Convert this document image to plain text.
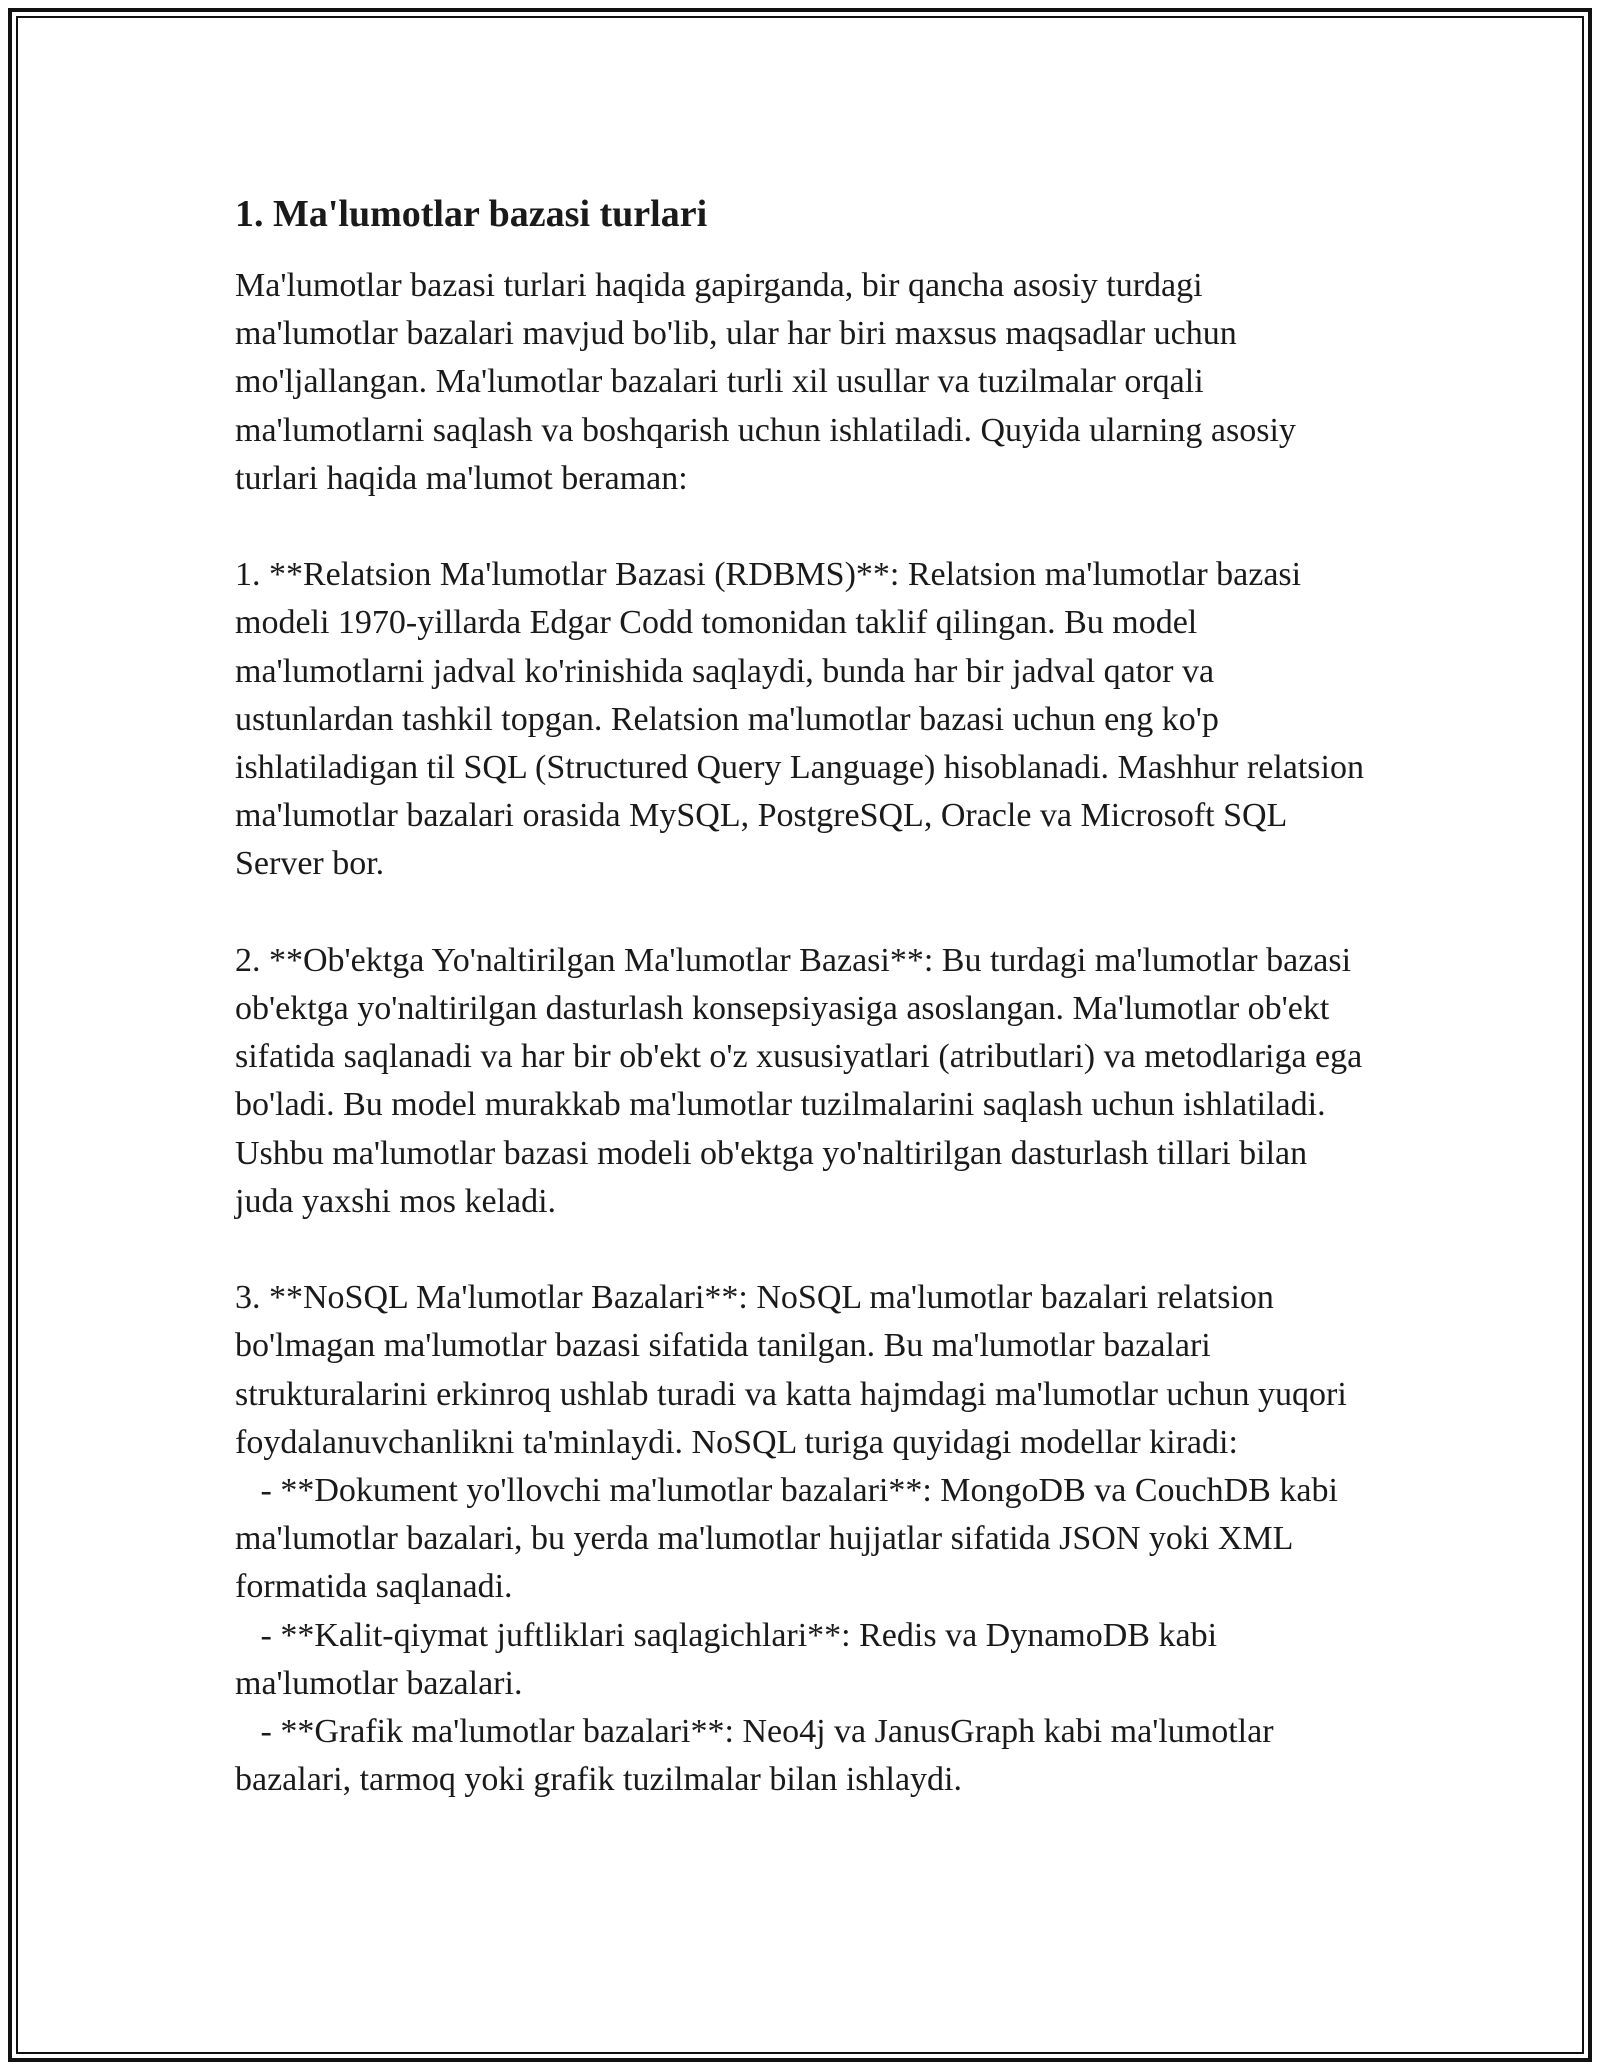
1. Ma'lumotlar bazasi turlari

Ma'lumotlar bazasi turlari haqida gapirganda, bir qancha asosiy turdagi ma'lumotlar bazalari mavjud bo'lib, ular har biri maxsus maqsadlar uchun mo'ljallangan. Ma'lumotlar bazalari turli xil usullar va tuzilmalar orqali ma'lumotlarni saqlash va boshqarish uchun ishlatiladi. Quyida ularning asosiy turlari haqida ma'lumot beraman:

1. **Relatsion Ma'lumotlar Bazasi (RDBMS)**: Relatsion ma'lumotlar bazasi modeli 1970-yillarda Edgar Codd tomonidan taklif qilingan. Bu model ma'lumotlarni jadval ko'rinishida saqlaydi, bunda har bir jadval qator va ustunlardan tashkil topgan. Relatsion ma'lumotlar bazasi uchun eng ko'p ishlatiladigan til SQL (Structured Query Language) hisoblanadi. Mashhur relatsion ma'lumotlar bazalari orasida MySQL, PostgreSQL, Oracle va Microsoft SQL Server bor.

2. **Ob'ektga Yo'naltirilgan Ma'lumotlar Bazasi**: Bu turdagi ma'lumotlar bazasi ob'ektga yo'naltirilgan dasturlash konsepsiyasiga asoslangan. Ma'lumotlar ob'ekt sifatida saqlanadi va har bir ob'ekt o'z xususiyatlari (atributlari) va metodlariga ega bo'ladi. Bu model murakkab ma'lumotlar tuzilmalarini saqlash uchun ishlatiladi. Ushbu ma'lumotlar bazasi modeli ob'ektga yo'naltirilgan dasturlash tillari bilan juda yaxshi mos keladi.

3. **NoSQL Ma'lumotlar Bazalari**: NoSQL ma'lumotlar bazalari relatsion bo'lmagan ma'lumotlar bazasi sifatida tanilgan. Bu ma'lumotlar bazalari strukturalarini erkinroq ushlab turadi va katta hajmdagi ma'lumotlar uchun yuqori foydalanuvchanlikni ta'minlaydi. NoSQL turiga quyidagi modellar kiradi:
- **Dokument yo'llovchi ma'lumotlar bazalari**: MongoDB va CouchDB kabi ma'lumotlar bazalari, bu yerda ma'lumotlar hujjatlar sifatida JSON yoki XML formatida saqlanadi.
- **Kalit-qiymat juftliklari saqlagichlari**: Redis va DynamoDB kabi ma'lumotlar bazalari.
- **Grafik ma'lumotlar bazalari**: Neo4j va JanusGraph kabi ma'lumotlar bazalari, tarmoq yoki grafik tuzilmalar bilan ishlaydi.
